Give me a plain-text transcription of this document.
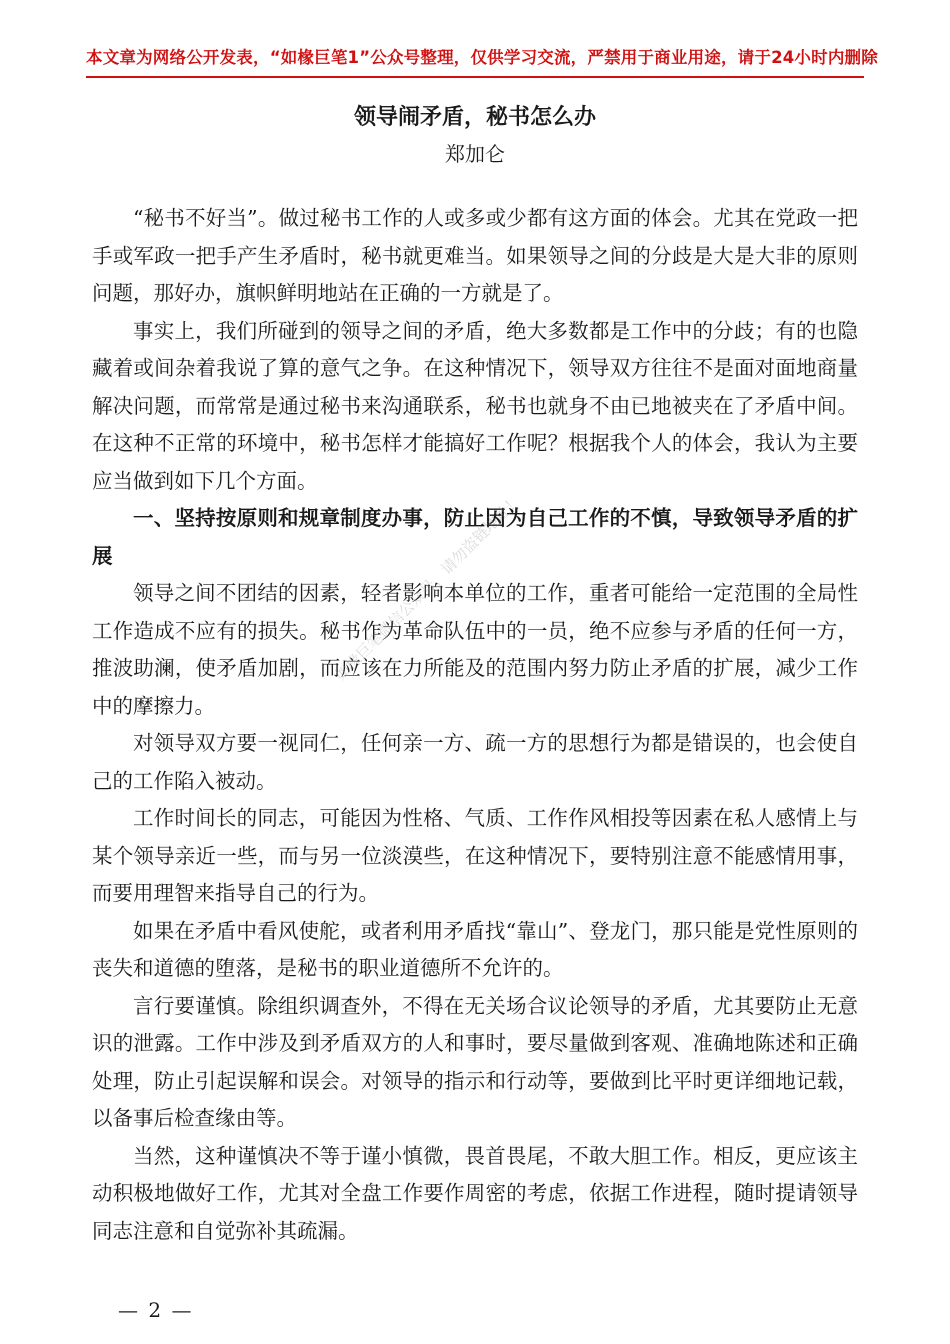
本文章为网络公开发表，“如椽巨笔1”公众号整理，仅供学习交流，严禁用于商业用途，请于24小时内删除
领导闹矛盾，秘书怎么办
郑加仑

“秘书不好当”。做过秘书工作的人或多或少都有这方面的体会。尤其在党政一把手或军政一把手产生矛盾时，秘书就更难当。如果领导之间的分歧是大是大非的原则问题，那好办，旗帜鲜明地站在正确的一方就是了。

事实上，我们所碰到的领导之间的矛盾，绝大多数都是工作中的分歧；有的也隐藏着或间杂着我说了算的意气之争。在这种情况下，领导双方往往不是面对面地商量解决问题，而常常是通过秘书来沟通联系，秘书也就身不由已地被夹在了矛盾中间。在这种不正常的环境中，秘书怎样才能搞好工作呢？根据我个人的体会，我认为主要应当做到如下几个方面。

一、坚持按原则和规章制度办事，防止因为自己工作的不慎，导致领导矛盾的扩展

领导之间不团结的因素，轻者影响本单位的工作，重者可能给一定范围的全局性工作造成不应有的损失。秘书作为革命队伍中的一员，绝不应参与矛盾的任何一方，推波助澜，使矛盾加剧，而应该在力所能及的范围内努力防止矛盾的扩展，减少工作中的摩擦力。

对领导双方要一视同仁，任何亲一方、疏一方的思想行为都是错误的，也会使自己的工作陷入被动。

工作时间长的同志，可能因为性格、气质、工作作风相投等因素在私人感情上与某个领导亲近一些，而与另一位淡漠些，在这种情况下，要特别注意不能感情用事，而要用理智来指导自己的行为。

如果在矛盾中看风使舵，或者利用矛盾找“靠山”、登龙门，那只能是党性原则的丧失和道德的堕落，是秘书的职业道德所不允许的。

言行要谨慎。除组织调查外，不得在无关场合议论领导的矛盾，尤其要防止无意识的泄露。工作中涉及到矛盾双方的人和事时，要尽量做到客观、准确地陈述和正确处理，防止引起误解和误会。对领导的指示和行动等，要做到比平时更详细地记载，以备事后检查缘由等。

当然，这种谨慎决不等于谨小慎微，畏首畏尾，不敢大胆工作。相反，更应该主动积极地做好工作，尤其对全盘工作要作周密的考虑，依据工作进程，随时提请领导同志注意和自觉弥补其疏漏。

如椽巨笔微信公众号，请勿盗链地址！
— 2 —
